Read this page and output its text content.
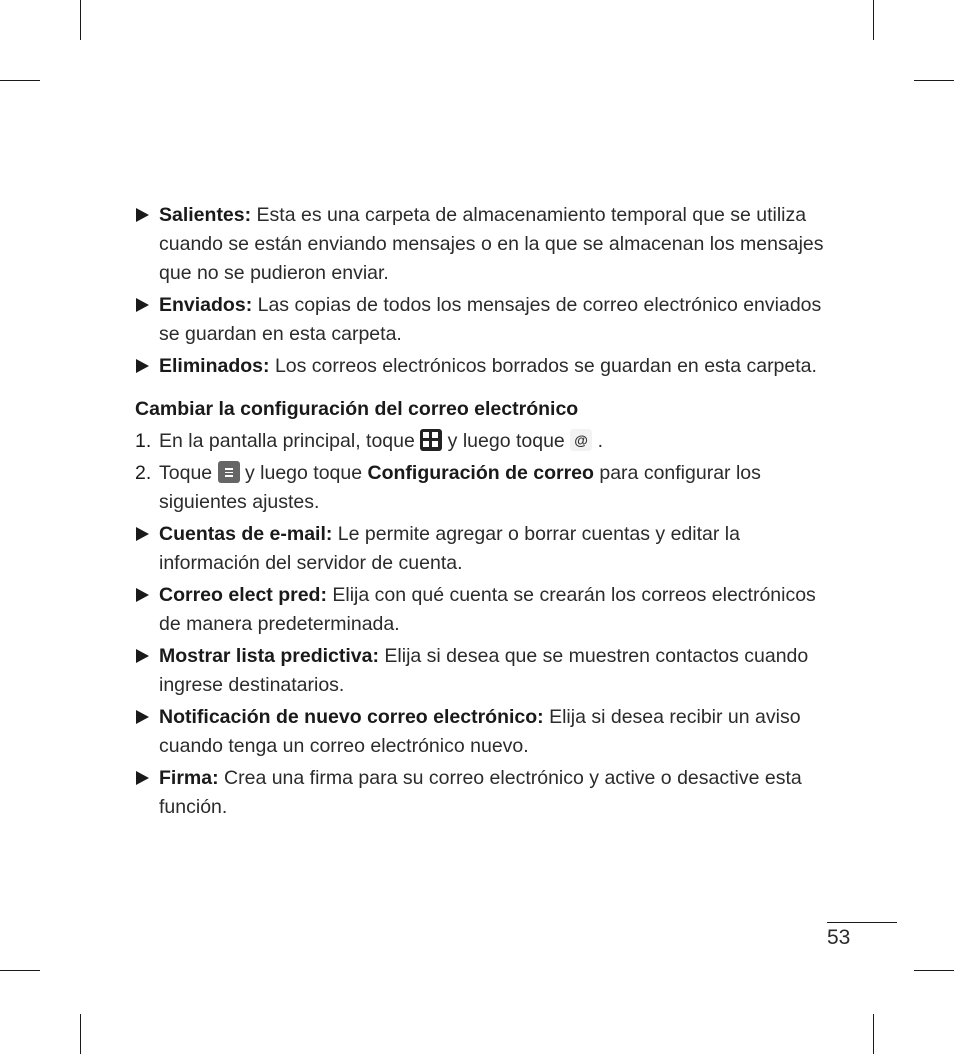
Salientes: Esta es una carpeta de almacenamiento temporal que se utiliza cuando se están enviando mensajes o en la que se almacenan los mensajes que no se pudieron enviar.
Enviados: Las copias de todos los mensajes de correo electrónico enviados se guardan en esta carpeta.
Eliminados: Los correos electrónicos borrados se guardan en esta carpeta.
Cambiar la configuración del correo electrónico
1. En la pantalla principal, toque
y luego toque @ .
2. Toque
y luego toque Configuración de correo para configurar los siguientes ajustes.
Cuentas de e-mail: Le permite agregar o borrar cuentas y editar la información del servidor de cuenta.
Correo elect pred: Elija con qué cuenta se crearán los correos electrónicos de manera predeterminada.
Mostrar lista predictiva: Elija si desea que se muestren contactos cuando ingrese destinatarios.
Notificación de nuevo correo electrónico: Elija si desea recibir un aviso cuando tenga un correo electrónico nuevo.
Firma: Crea una firma para su correo electrónico y active o desactive esta función.
53
